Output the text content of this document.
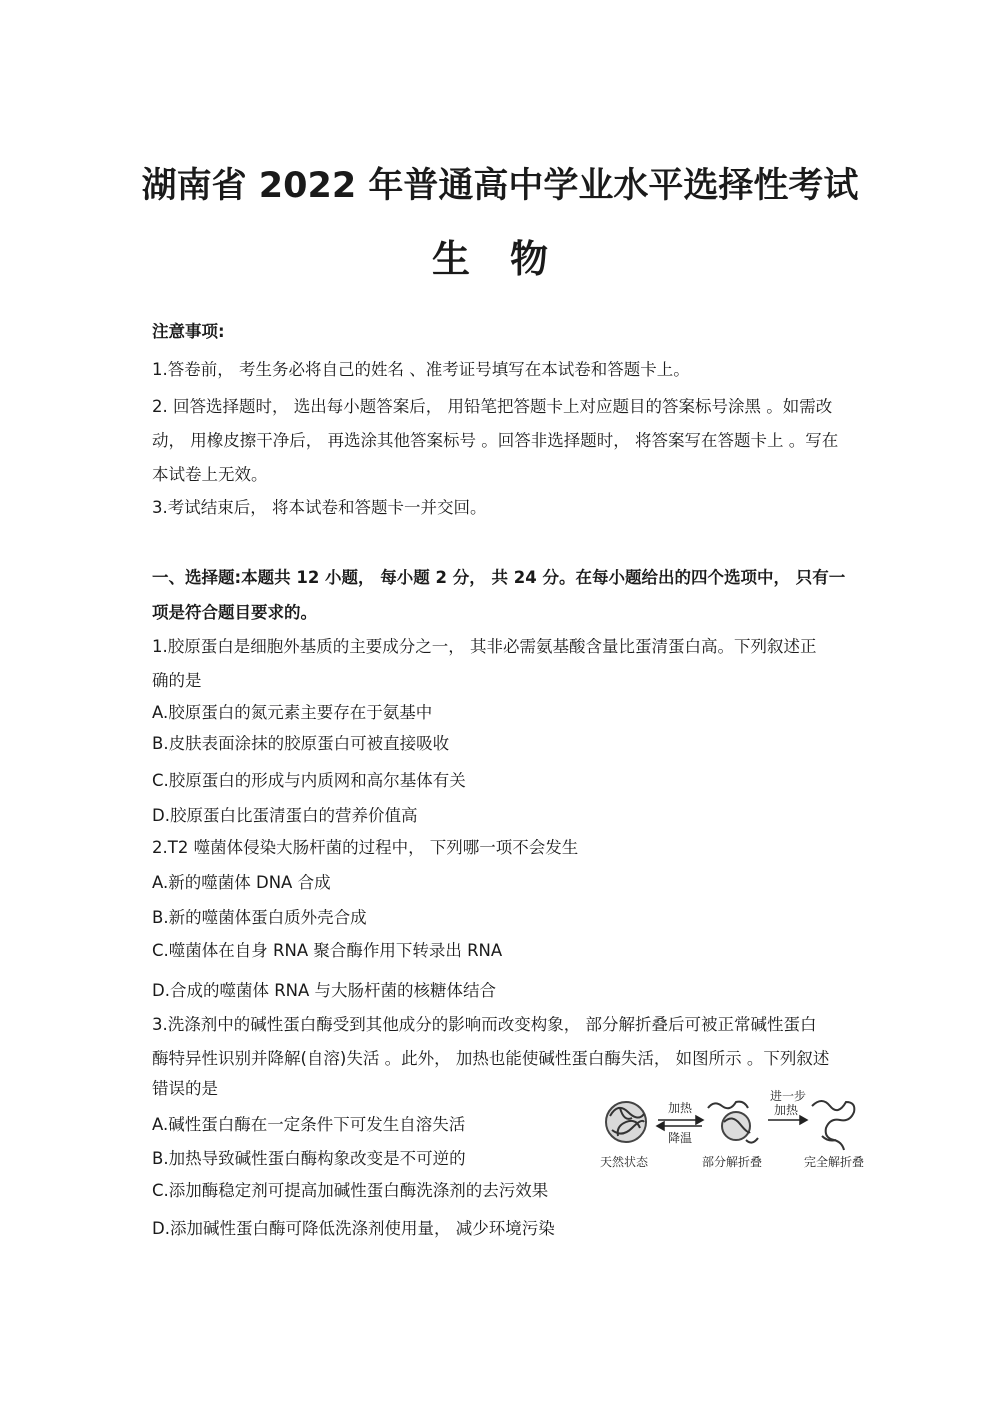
湖南省 2022 年普通高中学业水平选择性考试
生物
注意事项:
1.答卷前， 考生务必将自己的姓名 、准考证号填写在本试卷和答题卡上。
2. 回答选择题时， 选出每小题答案后， 用铅笔把答题卡上对应题目的答案标号涂黑 。如需改
动， 用橡皮擦干净后， 再选涂其他答案标号 。回答非选择题时， 将答案写在答题卡上 。写在
本试卷上无效。
3.考试结束后， 将本试卷和答题卡一并交回。
一、选择题:本题共 12 小题， 每小题 2 分， 共 24 分。在每小题给出的四个选项中， 只有一
项是符合题目要求的。
1.胶原蛋白是细胞外基质的主要成分之一， 其非必需氨基酸含量比蛋清蛋白高。下列叙述正
确的是
A.胶原蛋白的氮元素主要存在于氨基中
B.皮肤表面涂抹的胶原蛋白可被直接吸收
C.胶原蛋白的形成与内质网和高尔基体有关
D.胶原蛋白比蛋清蛋白的营养价值高
2.T2 噬菌体侵染大肠杆菌的过程中， 下列哪一项不会发生
A.新的噬菌体 DNA 合成
B.新的噬菌体蛋白质外壳合成
C.噬菌体在自身 RNA 聚合酶作用下转录出 RNA
D.合成的噬菌体 RNA 与大肠杆菌的核糖体结合
3.洗涤剂中的碱性蛋白酶受到其他成分的影响而改变构象， 部分解折叠后可被正常碱性蛋白
酶特异性识别并降解(自溶)失活 。此外， 加热也能使碱性蛋白酶失活， 如图所示 。下列叙述
错误的是
A.碱性蛋白酶在一定条件下可发生自溶失活
B.加热导致碱性蛋白酶构象改变是不可逆的
C.添加酶稳定剂可提高加碱性蛋白酶洗涤剂的去污效果
D.添加碱性蛋白酶可降低洗涤剂使用量， 减少环境污染
加热
降温
进一步
加热
天然状态	部分解折叠	完全解折叠
